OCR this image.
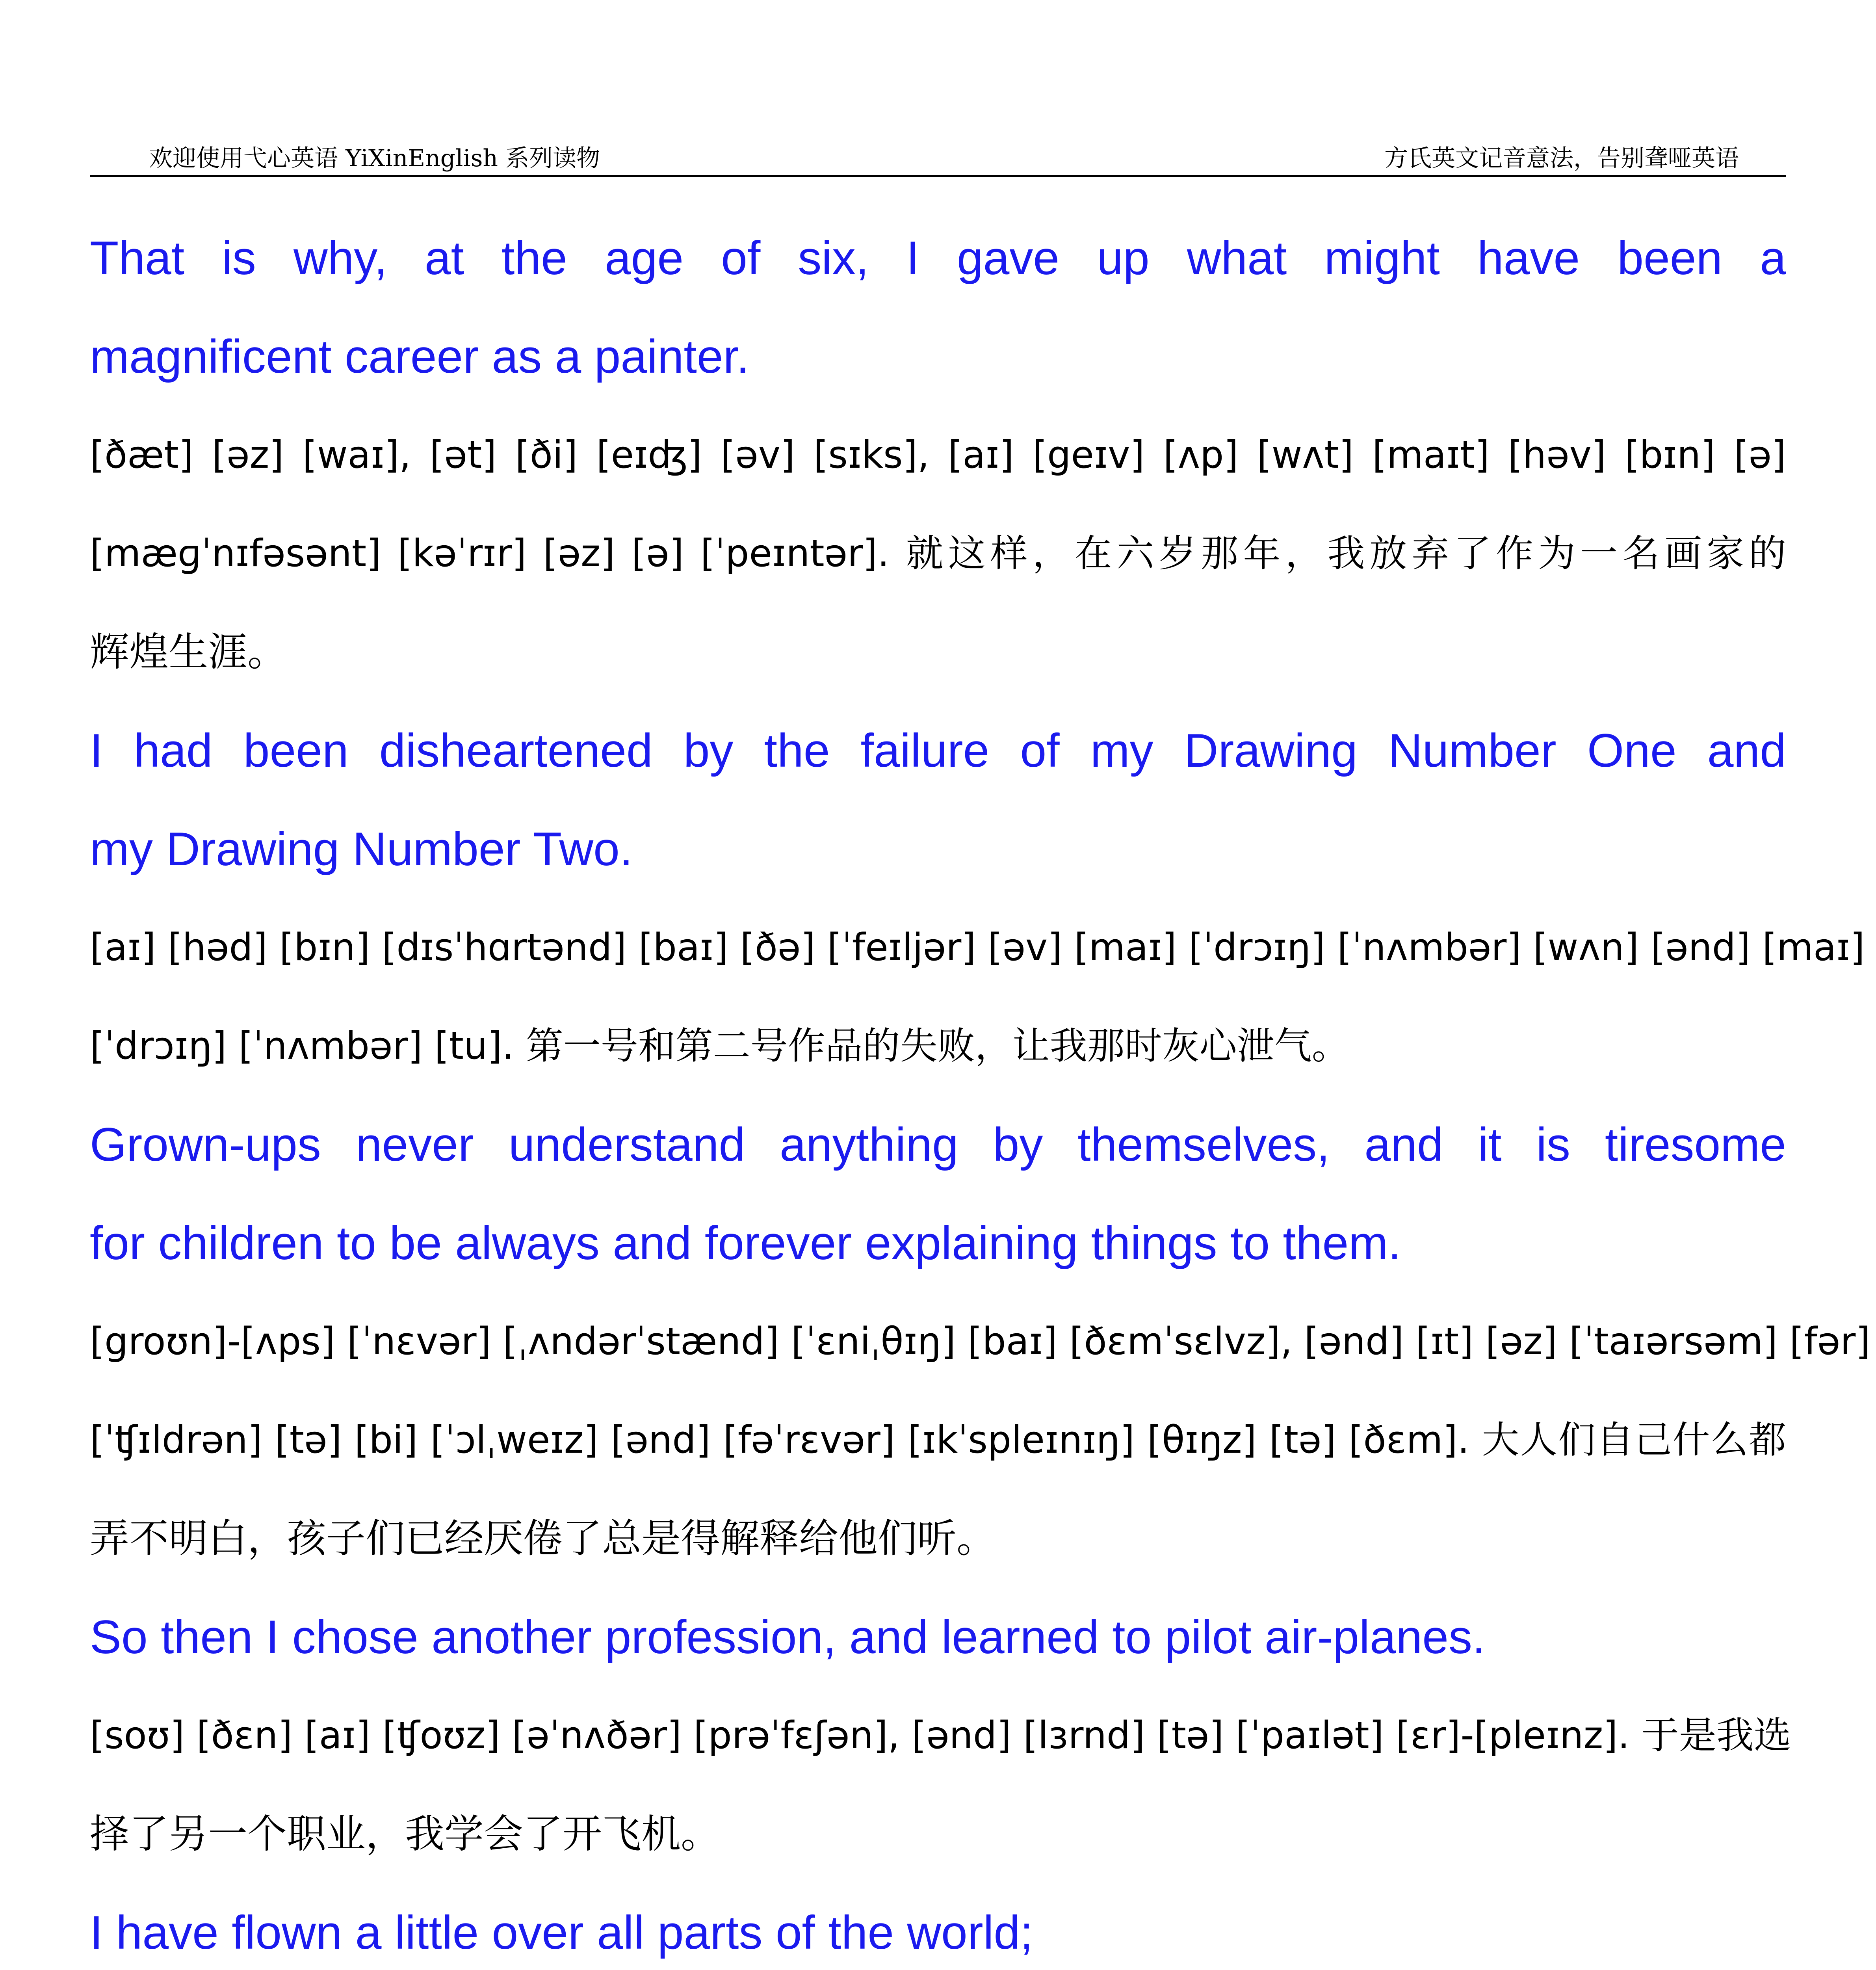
欢迎使用弋心英语 YiXinEnglish 系列读物	方氏英文记音意法，告别聋哑英语
That is why, at the age of six, I gave up what might have been a
magnificent career as a painter.
[ðæt] [əz] [waɪ], [ət] [ði] [eɪʤ] [əv] [sɪks], [aɪ] [geɪv] [ʌp] [wʌt] [maɪt] [həv] [bɪn] [ə]
[mæɡˈnɪfəsənt] [kəˈrɪr] [əz] [ə] [ˈpeɪntər]. 就这样，在六岁那年，我放弃了作为一名画家的
辉煌生涯。
I had been disheartened by the failure of my Drawing Number One and
my Drawing Number Two.
[aɪ] [həd] [bɪn] [dɪsˈhɑrtənd] [baɪ] [ðə] [ˈfeɪljər] [əv] [maɪ] [ˈdrɔɪŋ] [ˈnʌmbər] [wʌn] [ənd] [maɪ]
[ˈdrɔɪŋ] [ˈnʌmbər] [tu]. 第一号和第二号作品的失败，让我那时灰心泄气。
Grown-ups never understand anything by themselves, and it is tiresome
for children to be always and forever explaining things to them.
[groʊn]-[ʌps] [ˈnɛvər] [ˌʌndərˈstænd] [ˈɛniˌθɪŋ] [baɪ] [ðɛmˈsɛlvz], [ənd] [ɪt] [əz] [ˈtaɪərsəm] [fər]
[ˈʧɪldrən] [tə] [bi] [ˈɔlˌweɪz] [ənd] [fəˈrɛvər] [ɪkˈspleɪnɪŋ] [θɪŋz] [tə] [ðɛm]. 大人们自己什么都
弄不明白，孩子们已经厌倦了总是得解释给他们听。
So then I chose another profession, and learned to pilot air-planes.
[soʊ] [ðɛn] [aɪ] [ʧoʊz] [əˈnʌðər] [prəˈfɛʃən], [ənd] [lɜrnd] [tə] [ˈpaɪlət] [ɛr]-[pleɪnz]. 于是我选
择了另一个职业，我学会了开飞机。
I have flown a little over all parts of the world;
